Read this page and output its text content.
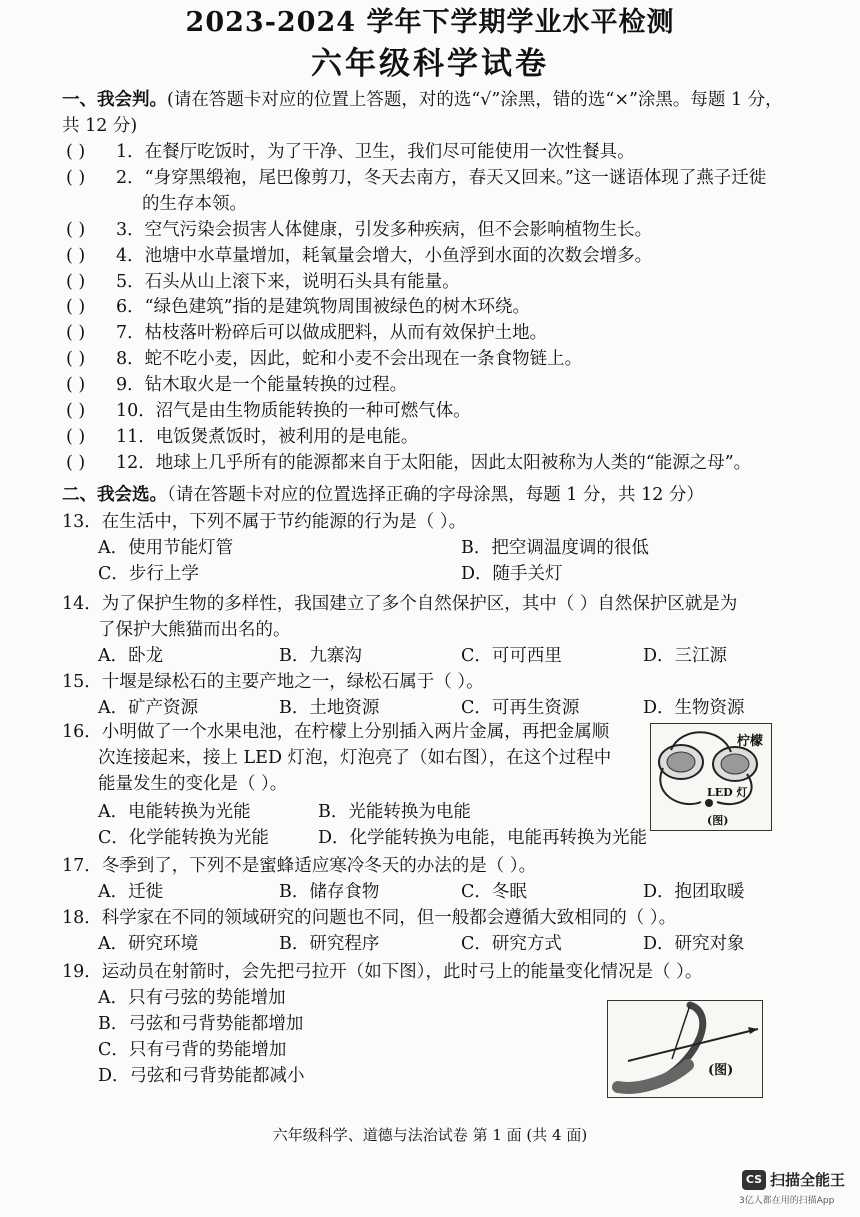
2023-2024 学年下学期学业水平检测
六年级科学试卷
一、我会判。(请在答题卡对应的位置上答题，对的选“√”涂黑，错的选“×”涂黑。每题 1 分，
共 12 分)
( ) 1．在餐厅吃饭时，为了干净、卫生，我们尽可能使用一次性餐具。
( ) 2．“身穿黑缎袍，尾巴像剪刀，冬天去南方，春天又回来。”这一谜语体现了燕子迁徙
的生存本领。
( ) 3．空气污染会损害人体健康，引发多种疾病，但不会影响植物生长。
( ) 4．池塘中水草量增加，耗氧量会增大，小鱼浮到水面的次数会增多。
( ) 5．石头从山上滚下来，说明石头具有能量。
( ) 6．“绿色建筑”指的是建筑物周围被绿色的树木环绕。
( ) 7．枯枝落叶粉碎后可以做成肥料，从而有效保护土地。
( ) 8．蛇不吃小麦，因此，蛇和小麦不会出现在一条食物链上。
( ) 9．钻木取火是一个能量转换的过程。
( ) 10．沼气是由生物质能转换的一种可燃气体。
( ) 11．电饭煲煮饭时，被利用的是电能。
( ) 12．地球上几乎所有的能源都来自于太阳能，因此太阳被称为人类的“能源之母”。
二、我会选。（请在答题卡对应的位置选择正确的字母涂黑，每题 1 分，共 12 分）
13．在生活中，下列不属于节约能源的行为是（ ）。
A．使用节能灯管	B．把空调温度调的很低
C．步行上学	D．随手关灯
14．为了保护生物的多样性，我国建立了多个自然保护区，其中（ ）自然保护区就是为
了保护大熊猫而出名的。
A．卧龙	B．九寨沟	C．可可西里	D．三江源
15．十堰是绿松石的主要产地之一，绿松石属于（ ）。
A．矿产资源	B．土地资源	C．可再生资源	D．生物资源
16．小明做了一个水果电池，在柠檬上分别插入两片金属，再把金属顺
次连接起来，接上 LED 灯泡，灯泡亮了（如右图），在这个过程中
能量发生的变化是（ ）。
A．电能转换为光能	B．光能转换为电能
C．化学能转换为光能	D．化学能转换为电能，电能再转换为光能
柠檬
LED 灯
(图)
17．冬季到了，下列不是蜜蜂适应寒冷冬天的办法的是（ ）。
A．迁徙	B．储存食物	C．冬眠	D．抱团取暖
18．科学家在不同的领域研究的问题也不同，但一般都会遵循大致相同的（ ）。
A．研究环境	B．研究程序	C．研究方式	D．研究对象
19．运动员在射箭时，会先把弓拉开（如下图），此时弓上的能量变化情况是（ ）。
A．只有弓弦的势能增加
B．弓弦和弓背势能都增加
C．只有弓背的势能增加
D．弓弦和弓背势能都减小	(图)
六年级科学、道德与法治试卷 第 1 面 (共 4 面)
CS 扫描全能王
3亿人都在用的扫描App
